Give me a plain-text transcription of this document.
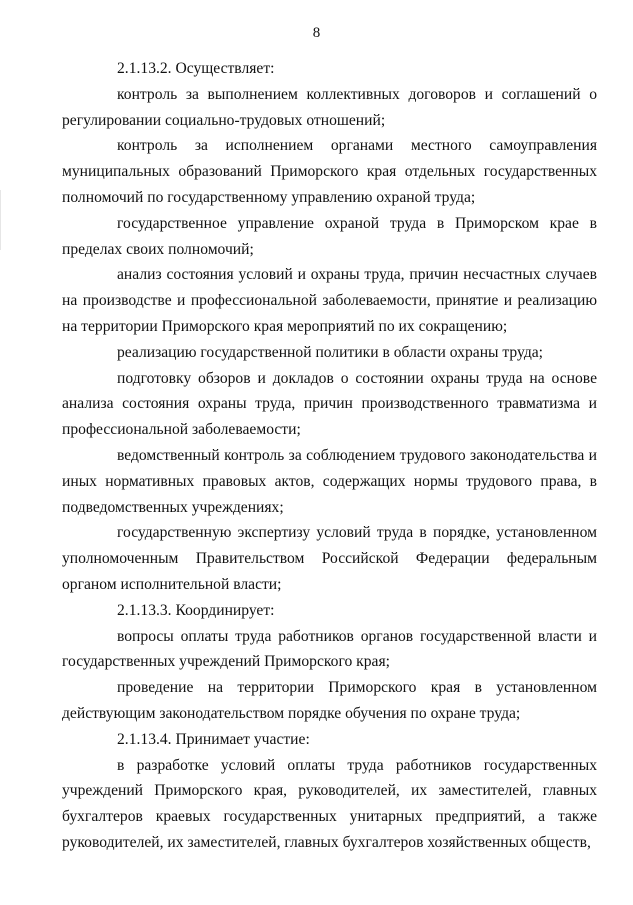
8

2.1.13.2. Осуществляет:

контроль за выполнением коллективных договоров и соглашений о регулировании социально-трудовых отношений;

контроль за исполнением органами местного самоуправления муниципальных образований Приморского края отдельных государственных полномочий по государственному управлению охраной труда;

государственное управление охраной труда в Приморском крае в пределах своих полномочий;

анализ состояния условий и охраны труда, причин несчастных случаев на производстве и профессиональной заболеваемости, принятие и реализацию на территории Приморского края мероприятий по их сокращению;

реализацию государственной политики в области охраны труда;

подготовку обзоров и докладов о состоянии охраны труда на основе анализа состояния охраны труда, причин производственного травматизма и профессиональной заболеваемости;

ведомственный контроль за соблюдением трудового законодательства и иных нормативных правовых актов, содержащих нормы трудового права, в подведомственных учреждениях;

государственную экспертизу условий труда в порядке, установленном уполномоченным Правительством Российской Федерации федеральным органом исполнительной власти;

2.1.13.3. Координирует:

вопросы оплаты труда работников органов государственной власти и государственных учреждений Приморского края;

проведение на территории Приморского края в установленном действующим законодательством порядке обучения по охране труда;

2.1.13.4. Принимает участие:

в разработке условий оплаты труда работников государственных учреждений Приморского края, руководителей, их заместителей, главных бухгалтеров краевых государственных унитарных предприятий, а также руководителей, их заместителей, главных бухгалтеров хозяйственных обществ,
